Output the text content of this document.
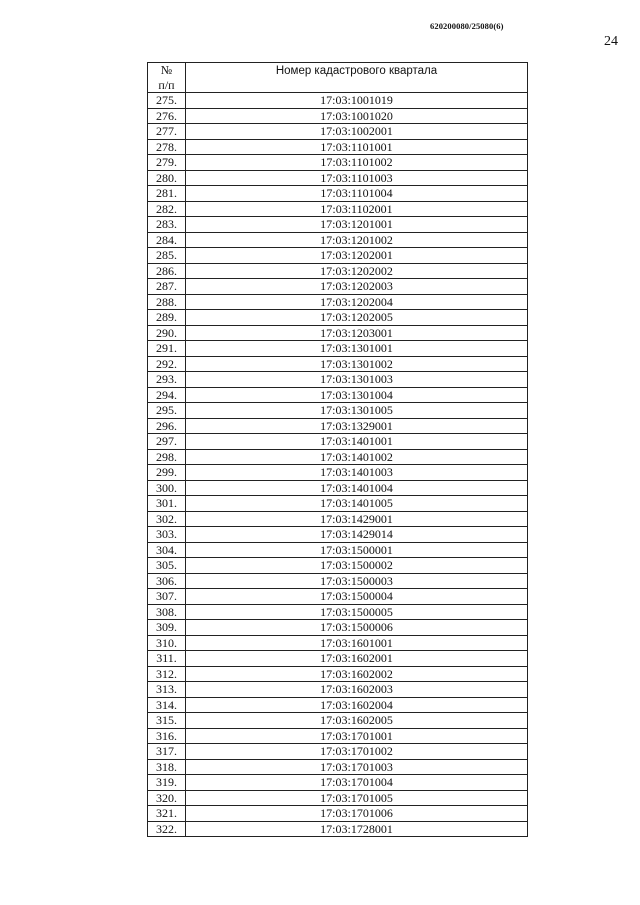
620200080/25080(6)
24
№
п/п	Номер кадастрового квартала
275.	17:03:1001019
276.	17:03:1001020
277.	17:03:1002001
278.	17:03:1101001
279.	17:03:1101002
280.	17:03:1101003
281.	17:03:1101004
282.	17:03:1102001
283.	17:03:1201001
284.	17:03:1201002
285.	17:03:1202001
286.	17:03:1202002
287.	17:03:1202003
288.	17:03:1202004
289.	17:03:1202005
290.	17:03:1203001
291.	17:03:1301001
292.	17:03:1301002
293.	17:03:1301003
294.	17:03:1301004
295.	17:03:1301005
296.	17:03:1329001
297.	17:03:1401001
298.	17:03:1401002
299.	17:03:1401003
300.	17:03:1401004
301.	17:03:1401005
302.	17:03:1429001
303.	17:03:1429014
304.	17:03:1500001
305.	17:03:1500002
306.	17:03:1500003
307.	17:03:1500004
308.	17:03:1500005
309.	17:03:1500006
310.	17:03:1601001
311.	17:03:1602001
312.	17:03:1602002
313.	17:03:1602003
314.	17:03:1602004
315.	17:03:1602005
316.	17:03:1701001
317.	17:03:1701002
318.	17:03:1701003
319.	17:03:1701004
320.	17:03:1701005
321.	17:03:1701006
322.	17:03:1728001
